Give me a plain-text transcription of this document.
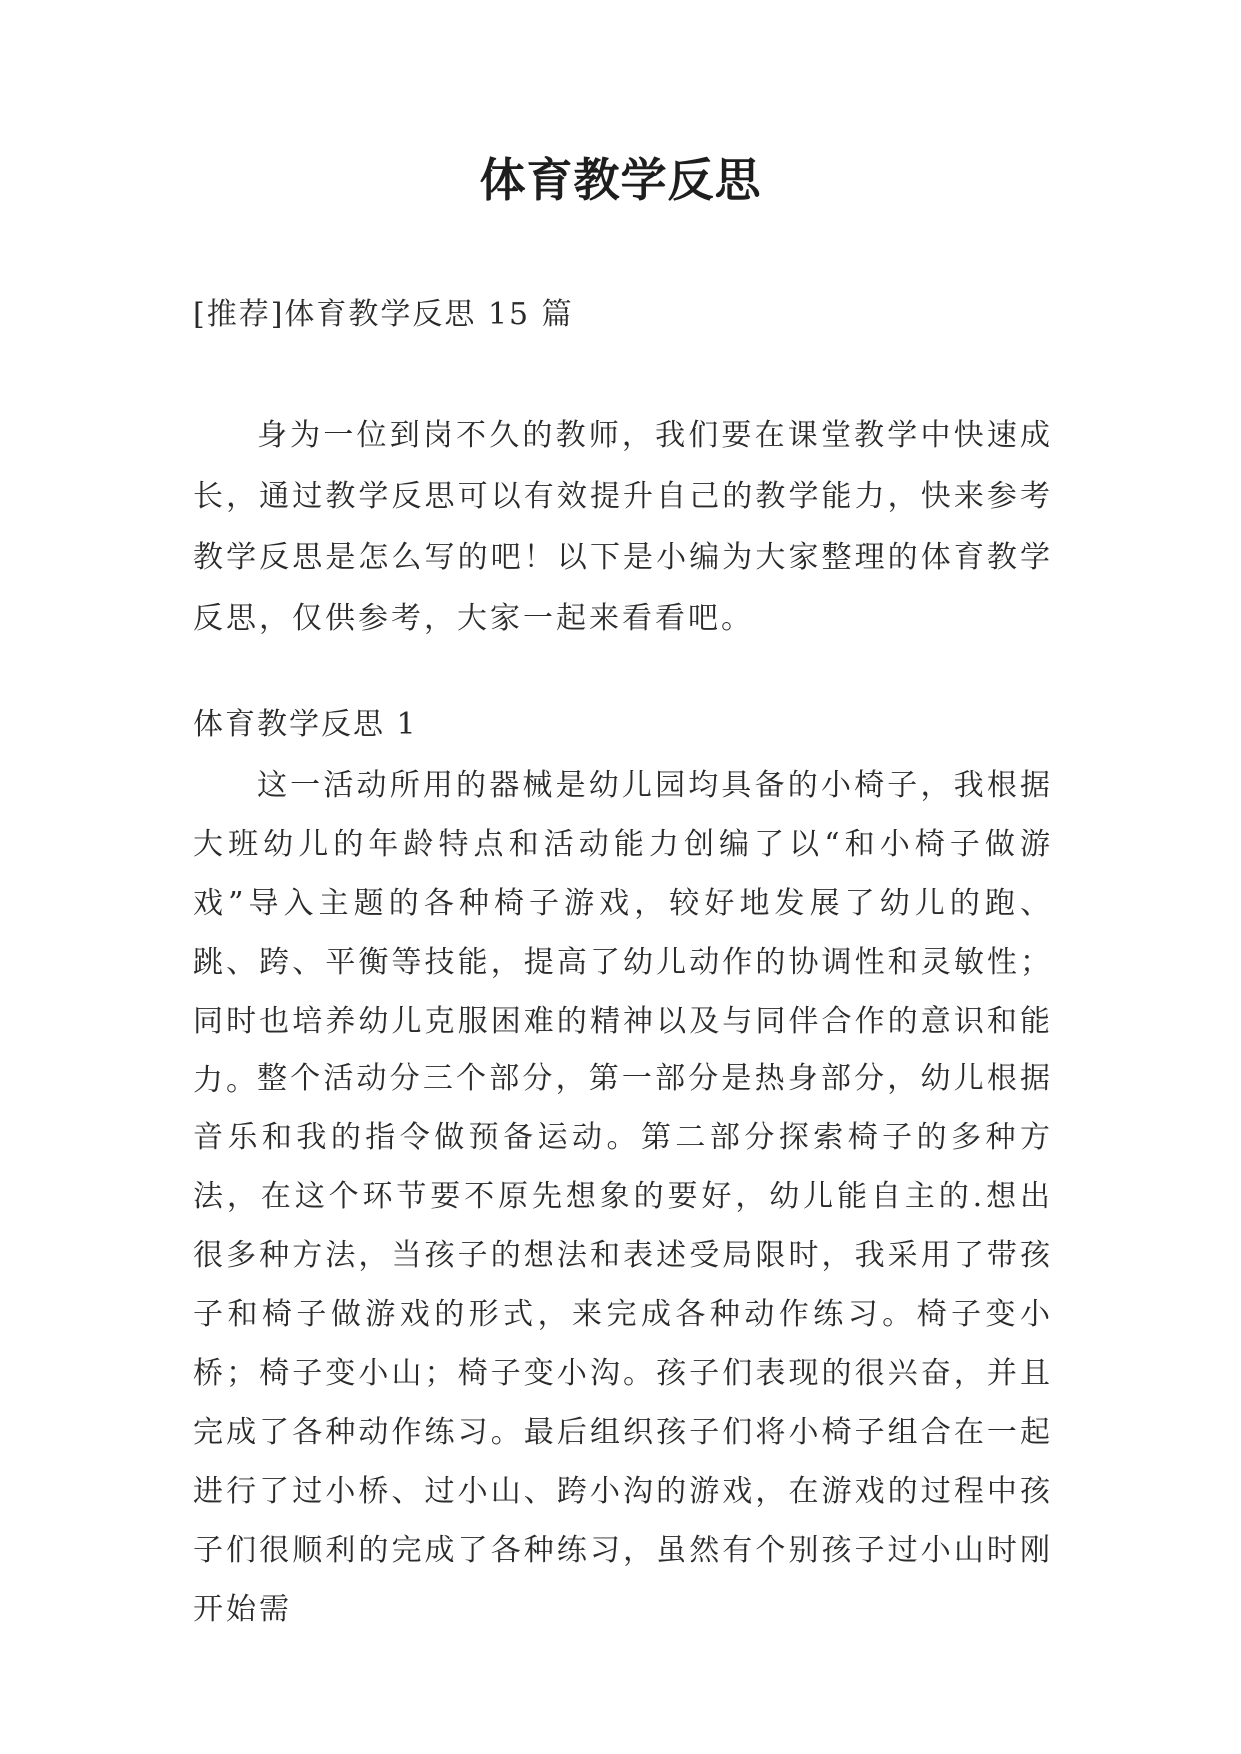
体育教学反思
[推荐]体育教学反思 15 篇

身为一位到岗不久的教师，我们要在课堂教学中快速成长，通过教学反思可以有效提升自己的教学能力，快来参考教学反思是怎么写的吧！以下是小编为大家整理的体育教学反思，仅供参考，大家一起来看看吧。

体育教学反思 1

这一活动所用的器械是幼儿园均具备的小椅子，我根据大班幼儿的年龄特点和活动能力创编了以“和小椅子做游戏”导入主题的各种椅子游戏，较好地发展了幼儿的跑、跳、跨、平衡等技能，提高了幼儿动作的协调性和灵敏性；同时也培养幼儿克服困难的精神以及与同伴合作的意识和能力。

整个活动分三个部分，第一部分是热身部分，幼儿根据音乐和我的指令做预备运动。第二部分探索椅子的多种方法，在这个环节要不原先想象的要好，幼儿能自主的.想出很多种方法，当孩子的想法和表述受局限时，我采用了带孩子和椅子做游戏的形式，来完成各种动作练习。椅子变小桥；椅子变小山；椅子变小沟。孩子们表现的很兴奋，并且完成了各种动作练习。最后组织孩子们将小椅子组合在一起进行了过小桥、过小山、跨小沟的游戏，在游戏的过程中孩子们很顺利的完成了各种练习，虽然有个别孩子过小山时刚开始需
